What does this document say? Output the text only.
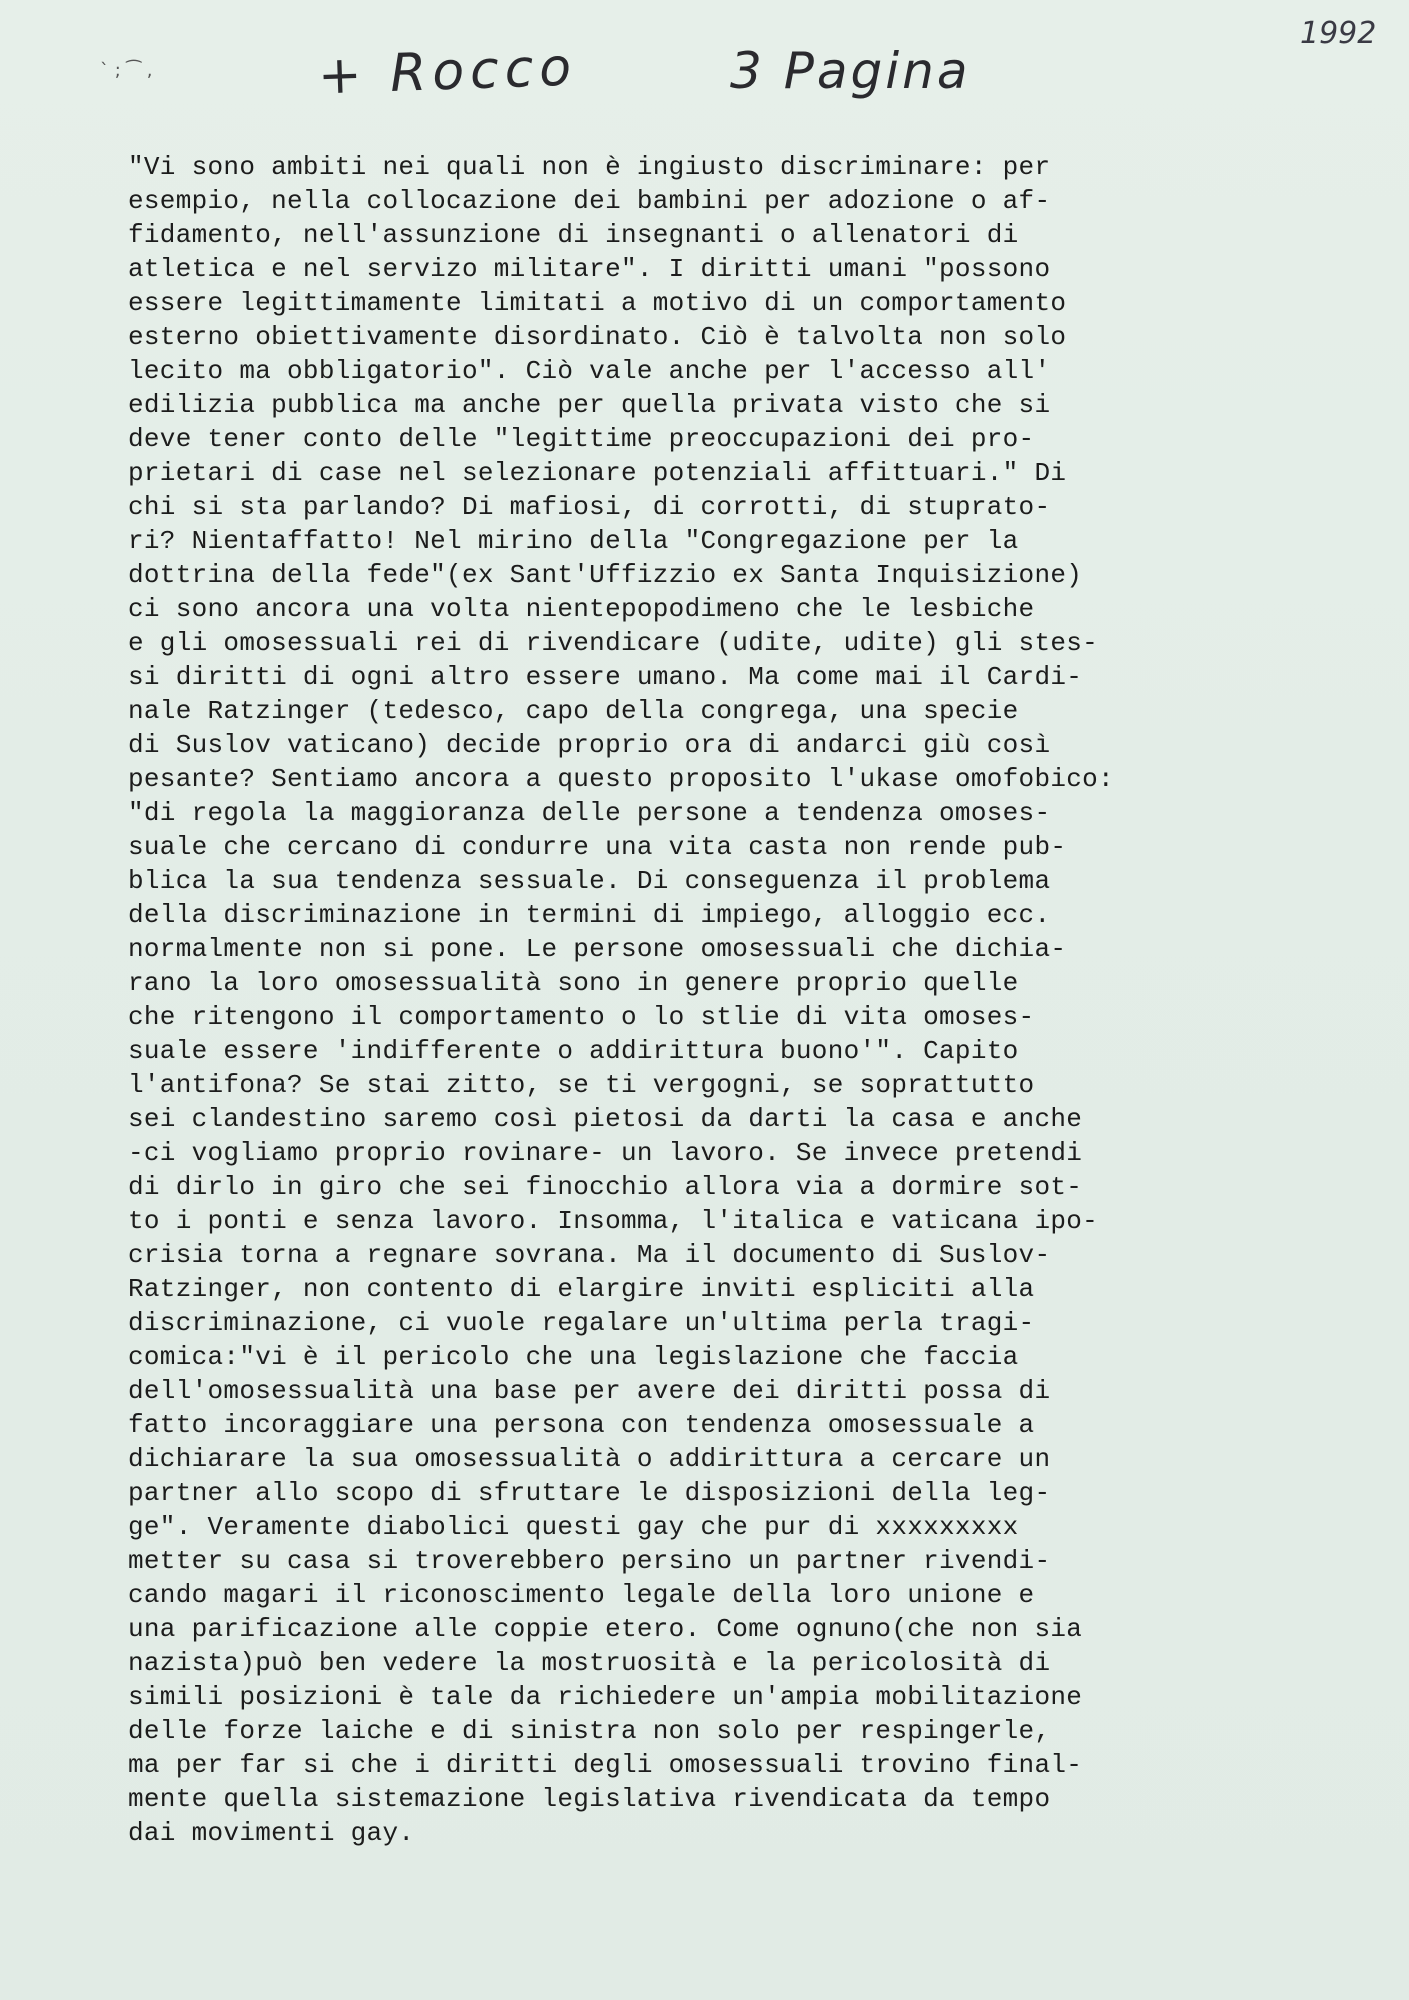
` ; ⁀ ,	+ Rocco	3 Pagina
1992
"Vi sono ambiti nei quali non è ingiusto discriminare: per
esempio, nella collocazione dei bambini per adozione o af-
fidamento, nell'assunzione di insegnanti o allenatori di
atletica e nel servizo militare". I diritti umani "possono
essere legittimamente limitati a motivo di un comportamento
esterno obiettivamente disordinato. Ciò è talvolta non solo
lecito ma obbligatorio". Ciò vale anche per l'accesso all'
edilizia pubblica ma anche per quella privata visto che si
deve tener conto delle "legittime preoccupazioni dei pro-
prietari di case nel selezionare potenziali affittuari." Di
chi si sta parlando? Di mafiosi, di corrotti, di stuprato-
ri? Nientaffatto! Nel mirino della "Congregazione per la
dottrina della fede"(ex Sant'Uffizzio ex Santa Inquisizione)
ci sono ancora una volta nientepopodimeno che le lesbiche
e gli omosessuali rei di rivendicare (udite, udite) gli stes-
si diritti di ogni altro essere umano. Ma come mai il Cardi-
nale Ratzinger (tedesco, capo della congrega, una specie
di Suslov vaticano) decide proprio ora di andarci giù così
pesante? Sentiamo ancora a questo proposito l'ukase omofobico:
"di regola la maggioranza delle persone a tendenza omoses-
suale che cercano di condurre una vita casta non rende pub-
blica la sua tendenza sessuale. Di conseguenza il problema
della discriminazione in termini di impiego, alloggio ecc.
normalmente non si pone. Le persone omosessuali che dichia-
rano la loro omosessualità sono in genere proprio quelle
che ritengono il comportamento o lo stlie di vita omoses-
suale essere 'indifferente o addirittura buono'". Capito
l'antifona? Se stai zitto, se ti vergogni, se soprattutto
sei clandestino saremo così pietosi da darti la casa e anche
-ci vogliamo proprio rovinare- un lavoro. Se invece pretendi
di dirlo in giro che sei finocchio allora via a dormire sot-
to i ponti e senza lavoro. Insomma, l'italica e vaticana ipo-
crisia torna a regnare sovrana. Ma il documento di Suslov-
Ratzinger, non contento di elargire inviti espliciti alla
discriminazione, ci vuole regalare un'ultima perla tragi-
comica:"vi è il pericolo che una legislazione che faccia
dell'omosessualità una base per avere dei diritti possa di
fatto incoraggiare una persona con tendenza omosessuale a
dichiarare la sua omosessualità o addirittura a cercare un
partner allo scopo di sfruttare le disposizioni della leg-
ge". Veramente diabolici questi gay che pur di xxxxxxxxx
metter su casa si troverebbero persino un partner rivendi-
cando magari il riconoscimento legale della loro unione e
una parificazione alle coppie etero. Come ognuno(che non sia
nazista)può ben vedere la mostruosità e la pericolosità di
simili posizioni è tale da richiedere un'ampia mobilitazione
delle forze laiche e di sinistra non solo per respingerle,
ma per far si che i diritti degli omosessuali trovino final-
mente quella sistemazione legislativa rivendicata da tempo
dai movimenti gay.
